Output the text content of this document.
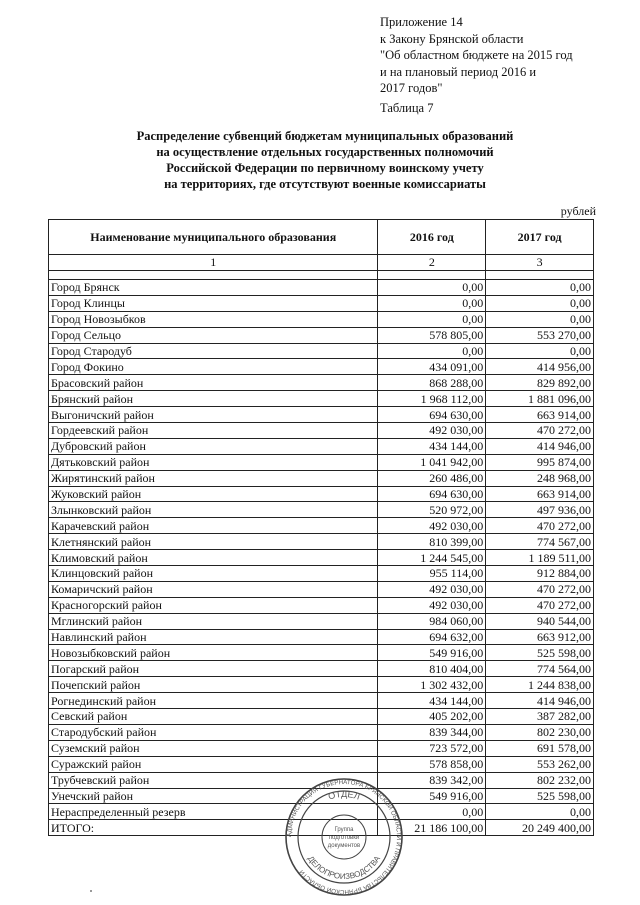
Приложение 14
к Закону Брянской области
"Об областном бюджете на 2015 год
и на плановый период 2016 и
2017 годов"
Таблица 7
Распределение субвенций бюджетам муниципальных образований
на осуществление отдельных государственных полномочий
Российской Федерации по первичному воинскому учету
на территориях, где отсутствуют военные комиссариаты
рублей
Наименование муниципального образования	2016 год	2017 год
1	2	3

Город Брянск	0,00	0,00
Город Клинцы	0,00	0,00
Город Новозыбков	0,00	0,00
Город Сельцо	578 805,00	553 270,00
Город Стародуб	0,00	0,00
Город Фокино	434 091,00	414 956,00
Брасовский район	868 288,00	829 892,00
Брянский район	1 968 112,00	1 881 096,00
Выгоничский район	694 630,00	663 914,00
Гордеевский район	492 030,00	470 272,00
Дубровский район	434 144,00	414 946,00
Дятьковский район	1 041 942,00	995 874,00
Жирятинский район	260 486,00	248 968,00
Жуковский район	694 630,00	663 914,00
Злынковский район	520 972,00	497 936,00
Карачевский район	492 030,00	470 272,00
Клетнянский район	810 399,00	774 567,00
Климовский район	1 244 545,00	1 189 511,00
Клинцовский район	955 114,00	912 884,00
Комаричский район	492 030,00	470 272,00
Красногорский район	492 030,00	470 272,00
Мглинский район	984 060,00	940 544,00
Навлинский район	694 632,00	663 912,00
Новозыбковский район	549 916,00	525 598,00
Погарский район	810 404,00	774 564,00
Почепский район	1 302 432,00	1 244 838,00
Рогнединский район	434 144,00	414 946,00
Севский район	405 202,00	387 282,00
Стародубский район	839 344,00	802 230,00
Суземский район	723 572,00	691 578,00
Суражский район	578 858,00	553 262,00
Трубчевский район	839 342,00	802 232,00
Унечский район	549 916,00	525 598,00
Нераспределенный резерв	0,00	0,00
ИТОГО:	21 186 100,00	20 249 400,00
АДМИНИСТРАЦИЯ ГУБЕРНАТОРА БРЯНСКОЙ ОБЛАСТИ И ПРАВИТЕЛЬСТВА БРЯНСКОЙ ОБЛАСТИ
ОТДЕЛ
ДЕЛОПРОИЗВОДСТВА
Группа
подготовки
документов
